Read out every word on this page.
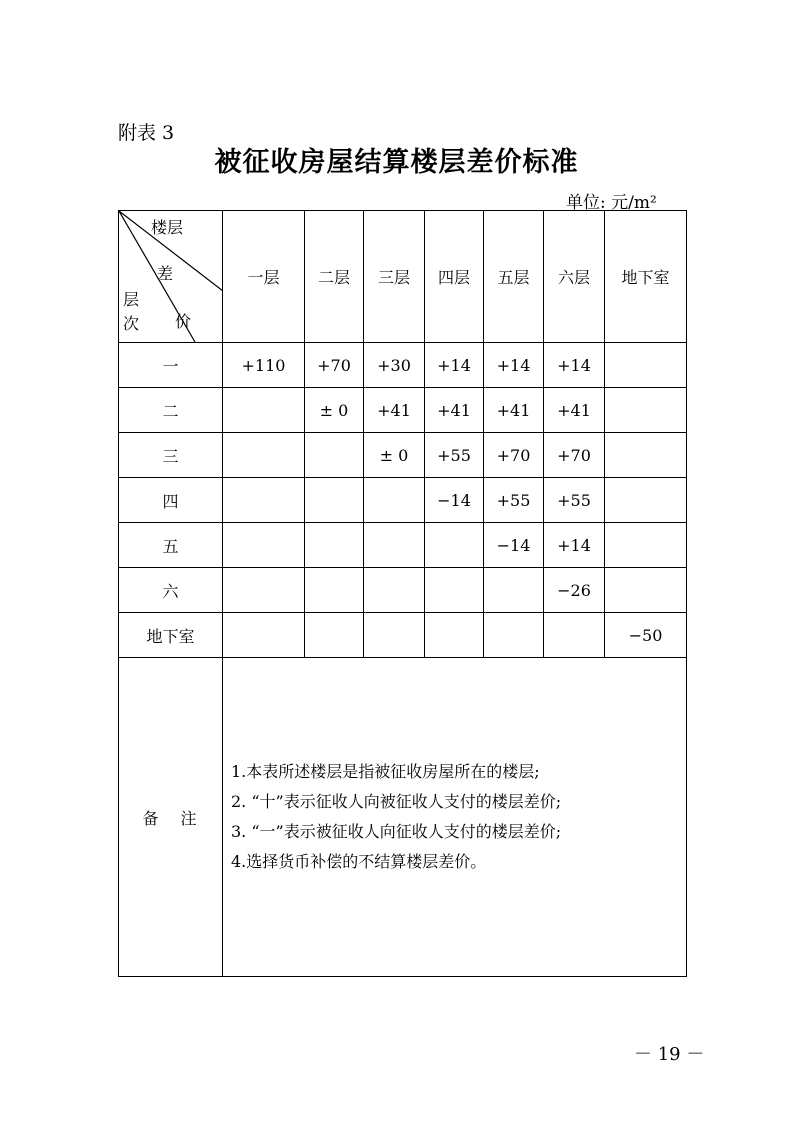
附表 3
被征收房屋结算楼层差价标准
单位: 元/m²
楼层
差
价
层
次	一层	二层	三层	四层	五层	六层	地下室
一	+110	+70	+30	+14	+14	+14	
二		± 0	+41	+41	+41	+41	
三			± 0	+55	+70	+70	
四				−14	+55	+55	
五					−14	+14	
六						−26	
地下室							−50
备注	1.本表所述楼层是指被征收房屋所在的楼层;
2. “十”表示征收人向被征收人支付的楼层差价;
3. “一”表示被征收人向征收人支付的楼层差价;
4.选择货币补偿的不结算楼层差价。						
－ 19 －
